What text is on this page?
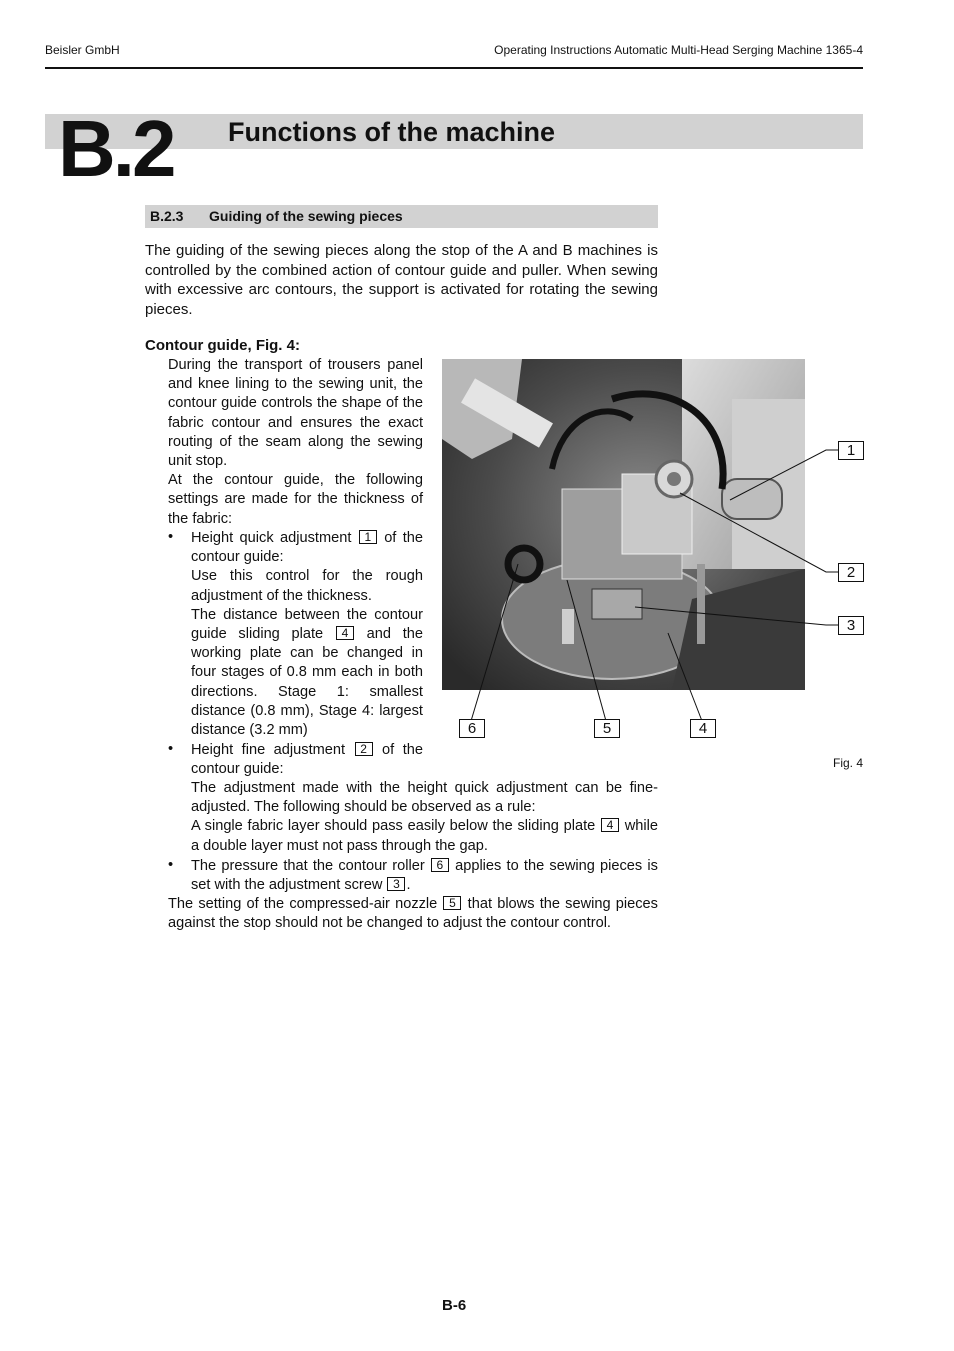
Beisler GmbH	Operating Instructions Automatic Multi-Head Serging Machine 1365-4
B.2 Functions of the machine
B.2.3 Guiding of the sewing pieces
The guiding of the sewing pieces along the stop of the A and B machines is controlled by the combined action of contour guide and puller. When sewing with excessive arc contours, the support is activated for rotating the sewing pieces.
Contour guide, Fig. 4:

During the transport of trousers panel and knee lining to the sewing unit, the contour guide controls the shape of the fabric contour and ensures the exact routing of the seam along the sewing unit stop.

At the contour guide, the following settings are made for the thickness of the fabric:

• Height quick adjustment 1 of the contour guide:

Use this control for the rough adjustment of the thickness.

The distance between the contour guide sliding plate 4 and the working plate can be changed in four stages of 0.8 mm each in both directions. Stage 1: smallest distance (0.8 mm), Stage 4: largest distance (3.2 mm)

• Height fine adjustment 2 of the contour guide:

The adjustment made with the height quick adjustment can be fine-adjusted. The following should be observed as a rule:

A single fabric layer should pass easily below the sliding plate 4 while a double layer must not pass through the gap.

• The pressure that the contour roller 6 applies to the sewing pieces is set with the adjustment screw 3 .
The setting of the compressed-air nozzle 5 that blows the sewing pieces against the stop should not be changed to adjust the contour control.
1
2
3
6	5	4
Fig. 4
B-6
